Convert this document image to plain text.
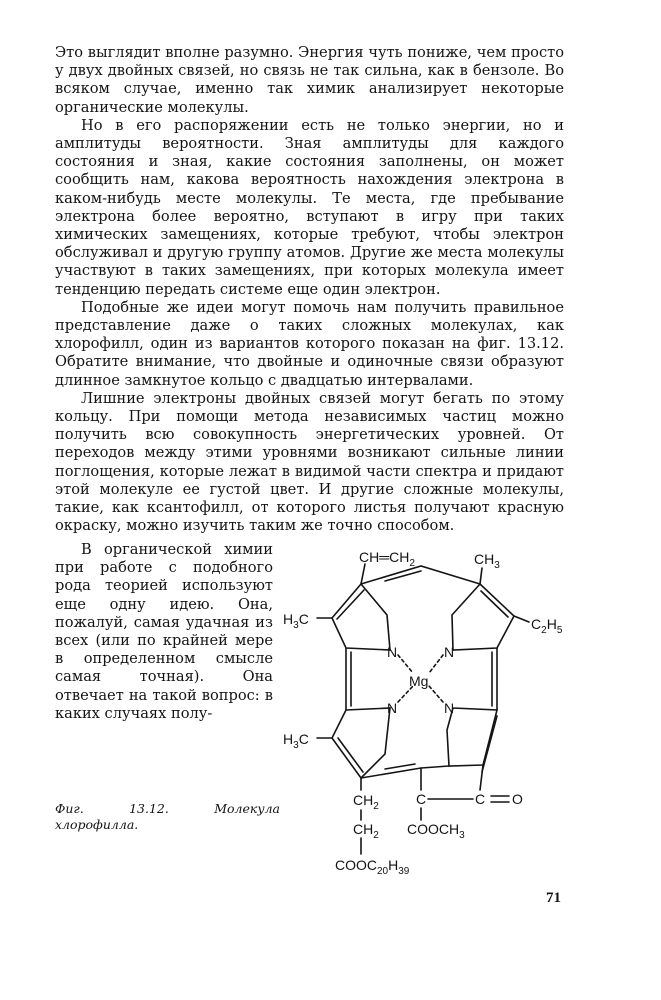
Это выглядит вполне разумно. Энергия чуть пониже, чем просто у двух двойных связей, но связь не так сильна, как в бензоле. Во всяком случае, именно так химик анализирует некоторые органические молекулы.

Но в его распоряжении есть не только энергии, но и амплитуды вероятности. Зная амплитуды для каждого состояния и зная, какие состояния заполнены, он может сообщить нам, какова вероятность нахождения электрона в каком-нибудь месте молекулы. Те места, где пребывание электрона более вероятно, вступают в игру при таких химических замещениях, которые требуют, чтобы электрон обслуживал и другую группу атомов. Другие же места молекулы участвуют в таких замещениях, при которых молекула имеет тенденцию передать системе еще один электрон.

Подобные же идеи могут помочь нам получить правильное представление даже о таких сложных молекулах, как хлорофилл, один из вариантов которого показан на фиг. 13.12. Обратите внимание, что двойные и одиночные связи образуют длинное замкнутое кольцо с двадцатью интервалами.

Лишние электроны двойных связей могут бегать по этому кольцу. При помощи метода независимых частиц можно получить всю совокупность энергетических уровней. От переходов между этими уровнями возникают сильные линии поглощения, которые лежат в видимой части спектра и придают этой молекуле ее густой цвет. И другие сложные молекулы, такие, как ксантофилл, от которого листья получают красную окраску, можно изучить таким же точно способом.

В органической химии при работе с подобного рода теорией используют еще одну идею. Она, пожалуй, самая удачная из всех (или по крайней мере в определенном смысле самая точная). Она отвечает на такой вопрос: в каких случаях полу-

$CH═CH_2$	$CH_3$
$H_3C$	$C_2H_5$
$H_3C$
N	N
N	N
Mg
$CH_2$
$CH_2$
$COOC_{20}H_{39}$
C	C O
$COOCH_3$
Фиг. 13.12. Молекула хлорофилла.
71
